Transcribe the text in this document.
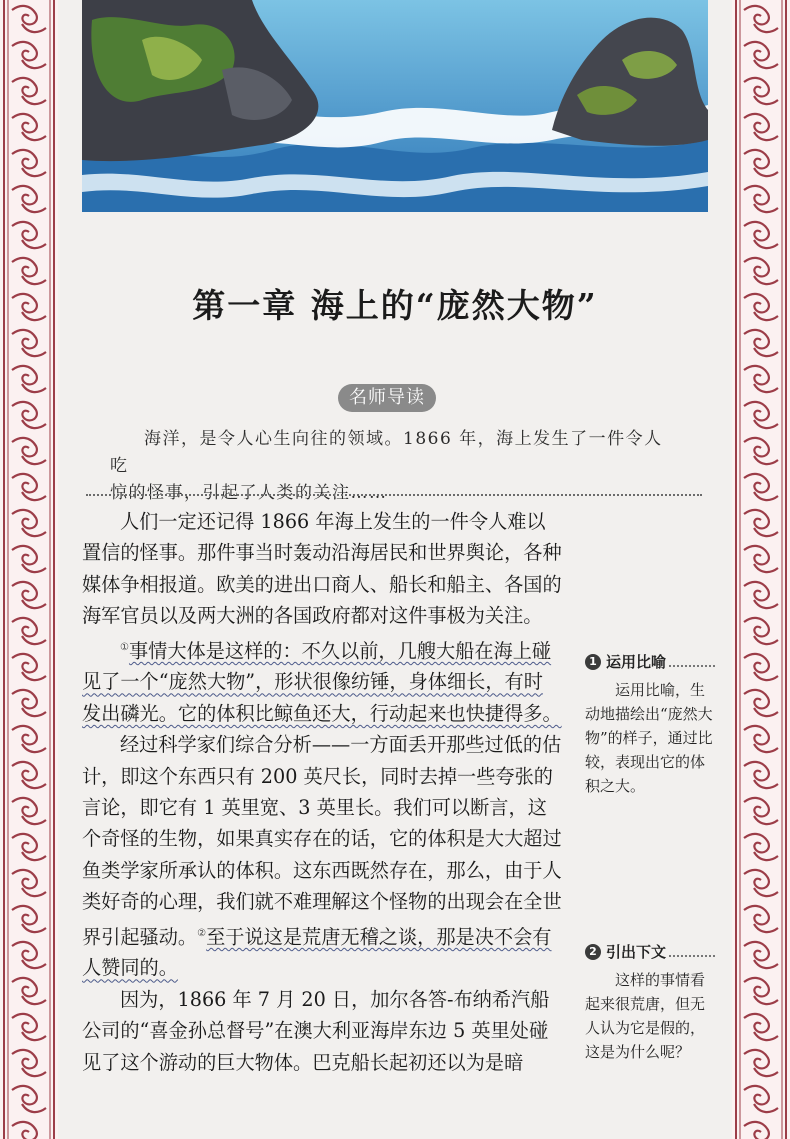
第一章 海上的“庞然大物”
名师导读

海洋，是令人心生向往的领域。1866 年，海上发生了一件令人吃

惊的怪事，引起了人类的关注……

人们一定还记得 1866 年海上发生的一件令人难以置信的怪事。那件事当时轰动沿海居民和世界舆论，各种媒体争相报道。欧美的进出口商人、船长和船主、各国的海军官员以及两大洲的各国政府都对这件事极为关注。

①事情大体是这样的：不久以前，几艘大船在海上碰见了一个“庞然大物”，形状很像纺锤，身体细长，有时发出磷光。它的体积比鲸鱼还大，行动起来也快捷得多。

经过科学家们综合分析——一方面丢开那些过低的估计，即这个东西只有 200 英尺长，同时去掉一些夸张的言论，即它有 1 英里宽、3 英里长。我们可以断言，这个奇怪的生物，如果真实存在的话，它的体积是大大超过鱼类学家所承认的体积。这东西既然存在，那么，由于人类好奇的心理，我们就不难理解这个怪物的出现会在全世界引起骚动。②至于说这是荒唐无稽之谈，那是决不会有人赞同的。

因为，1866 年 7 月 20 日，加尔各答-布纳希汽船公司的“喜金孙总督号”在澳大利亚海岸东边 5 英里处碰见了这个游动的巨大物体。巴克船长起初还以为是暗

1 运用比喻
运用比喻，生动地描绘出“庞然大物”的样子，通过比较，表现出它的体积之大。
2 引出下文
这样的事情看起来很荒唐，但无人认为它是假的，这是为什么呢？
